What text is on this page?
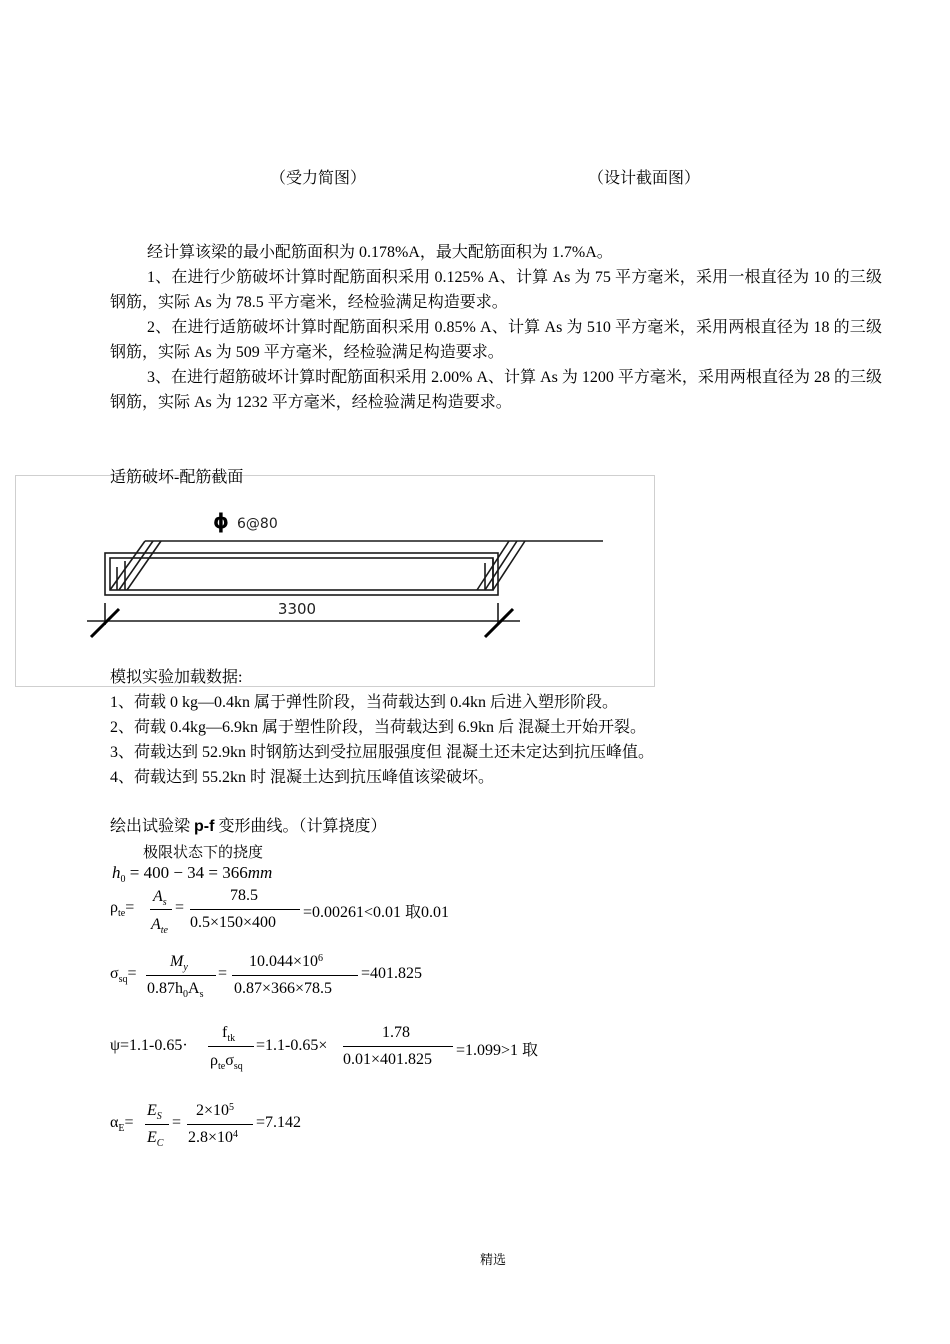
（受力简图）	（设计截面图）
经计算该梁的最小配筋面积为 0.178%A，最大配筋面积为 1.7%A。
1、在进行少筋破坏计算时配筋面积采用 0.125% A、计算 As 为 75 平方毫米，采用一根直径为 10 的三级钢筋，实际 As 为 78.5 平方毫米，经检验满足构造要求。
2、在进行适筋破坏计算时配筋面积采用 0.85% A、计算 As 为 510 平方毫米，采用两根直径为 18 的三级钢筋，实际 As 为 509 平方毫米，经检验满足构造要求。
3、在进行超筋破坏计算时配筋面积采用 2.00% A、计算 As 为 1200 平方毫米，采用两根直径为 28 的三级钢筋，实际 As 为 1232 平方毫米，经检验满足构造要求。
适筋破坏-配筋截面
ϕ 6@80
3300
模拟实验加载数据:
1、荷载 0 kg—0.4kn 属于弹性阶段，当荷载达到 0.4kn 后进入塑形阶段。
2、荷载 0.4kg—6.9kn 属于塑性阶段，当荷载达到 6.9kn 后 混凝土开始开裂。
3、荷载达到 52.9kn 时钢筋达到受拉屈服强度但 混凝土还未定达到抗压峰值。
4、荷载达到 55.2kn 时 混凝土达到抗压峰值该梁破坏。
绘出试验梁 p-f 变形曲线。（计算挠度）
极限状态下的挠度
$h_0 = 400 - 34 = 366mm$
$\rho_{te}=$
$A_s$
$A_{te}$
=
78.5
0.5×150×400
=0.00261<0.01 取0.01
$\sigma_{sq}=$
$M_y$
$0.87h_0A_s$
=
$10.044\times 10^6$
0.87×366×78.5
=401.825
ψ=1.1-0.65·
$f_{tk}$
$\rho_{te}\sigma_{sq}$
=1.1-0.65×
1.78
0.01×401.825
=1.099>1 取
$\alpha_E=$
$E_S$
$E_C$
=
$2\times 10^5$
$2.8\times 10^4$
=7.142
精选
